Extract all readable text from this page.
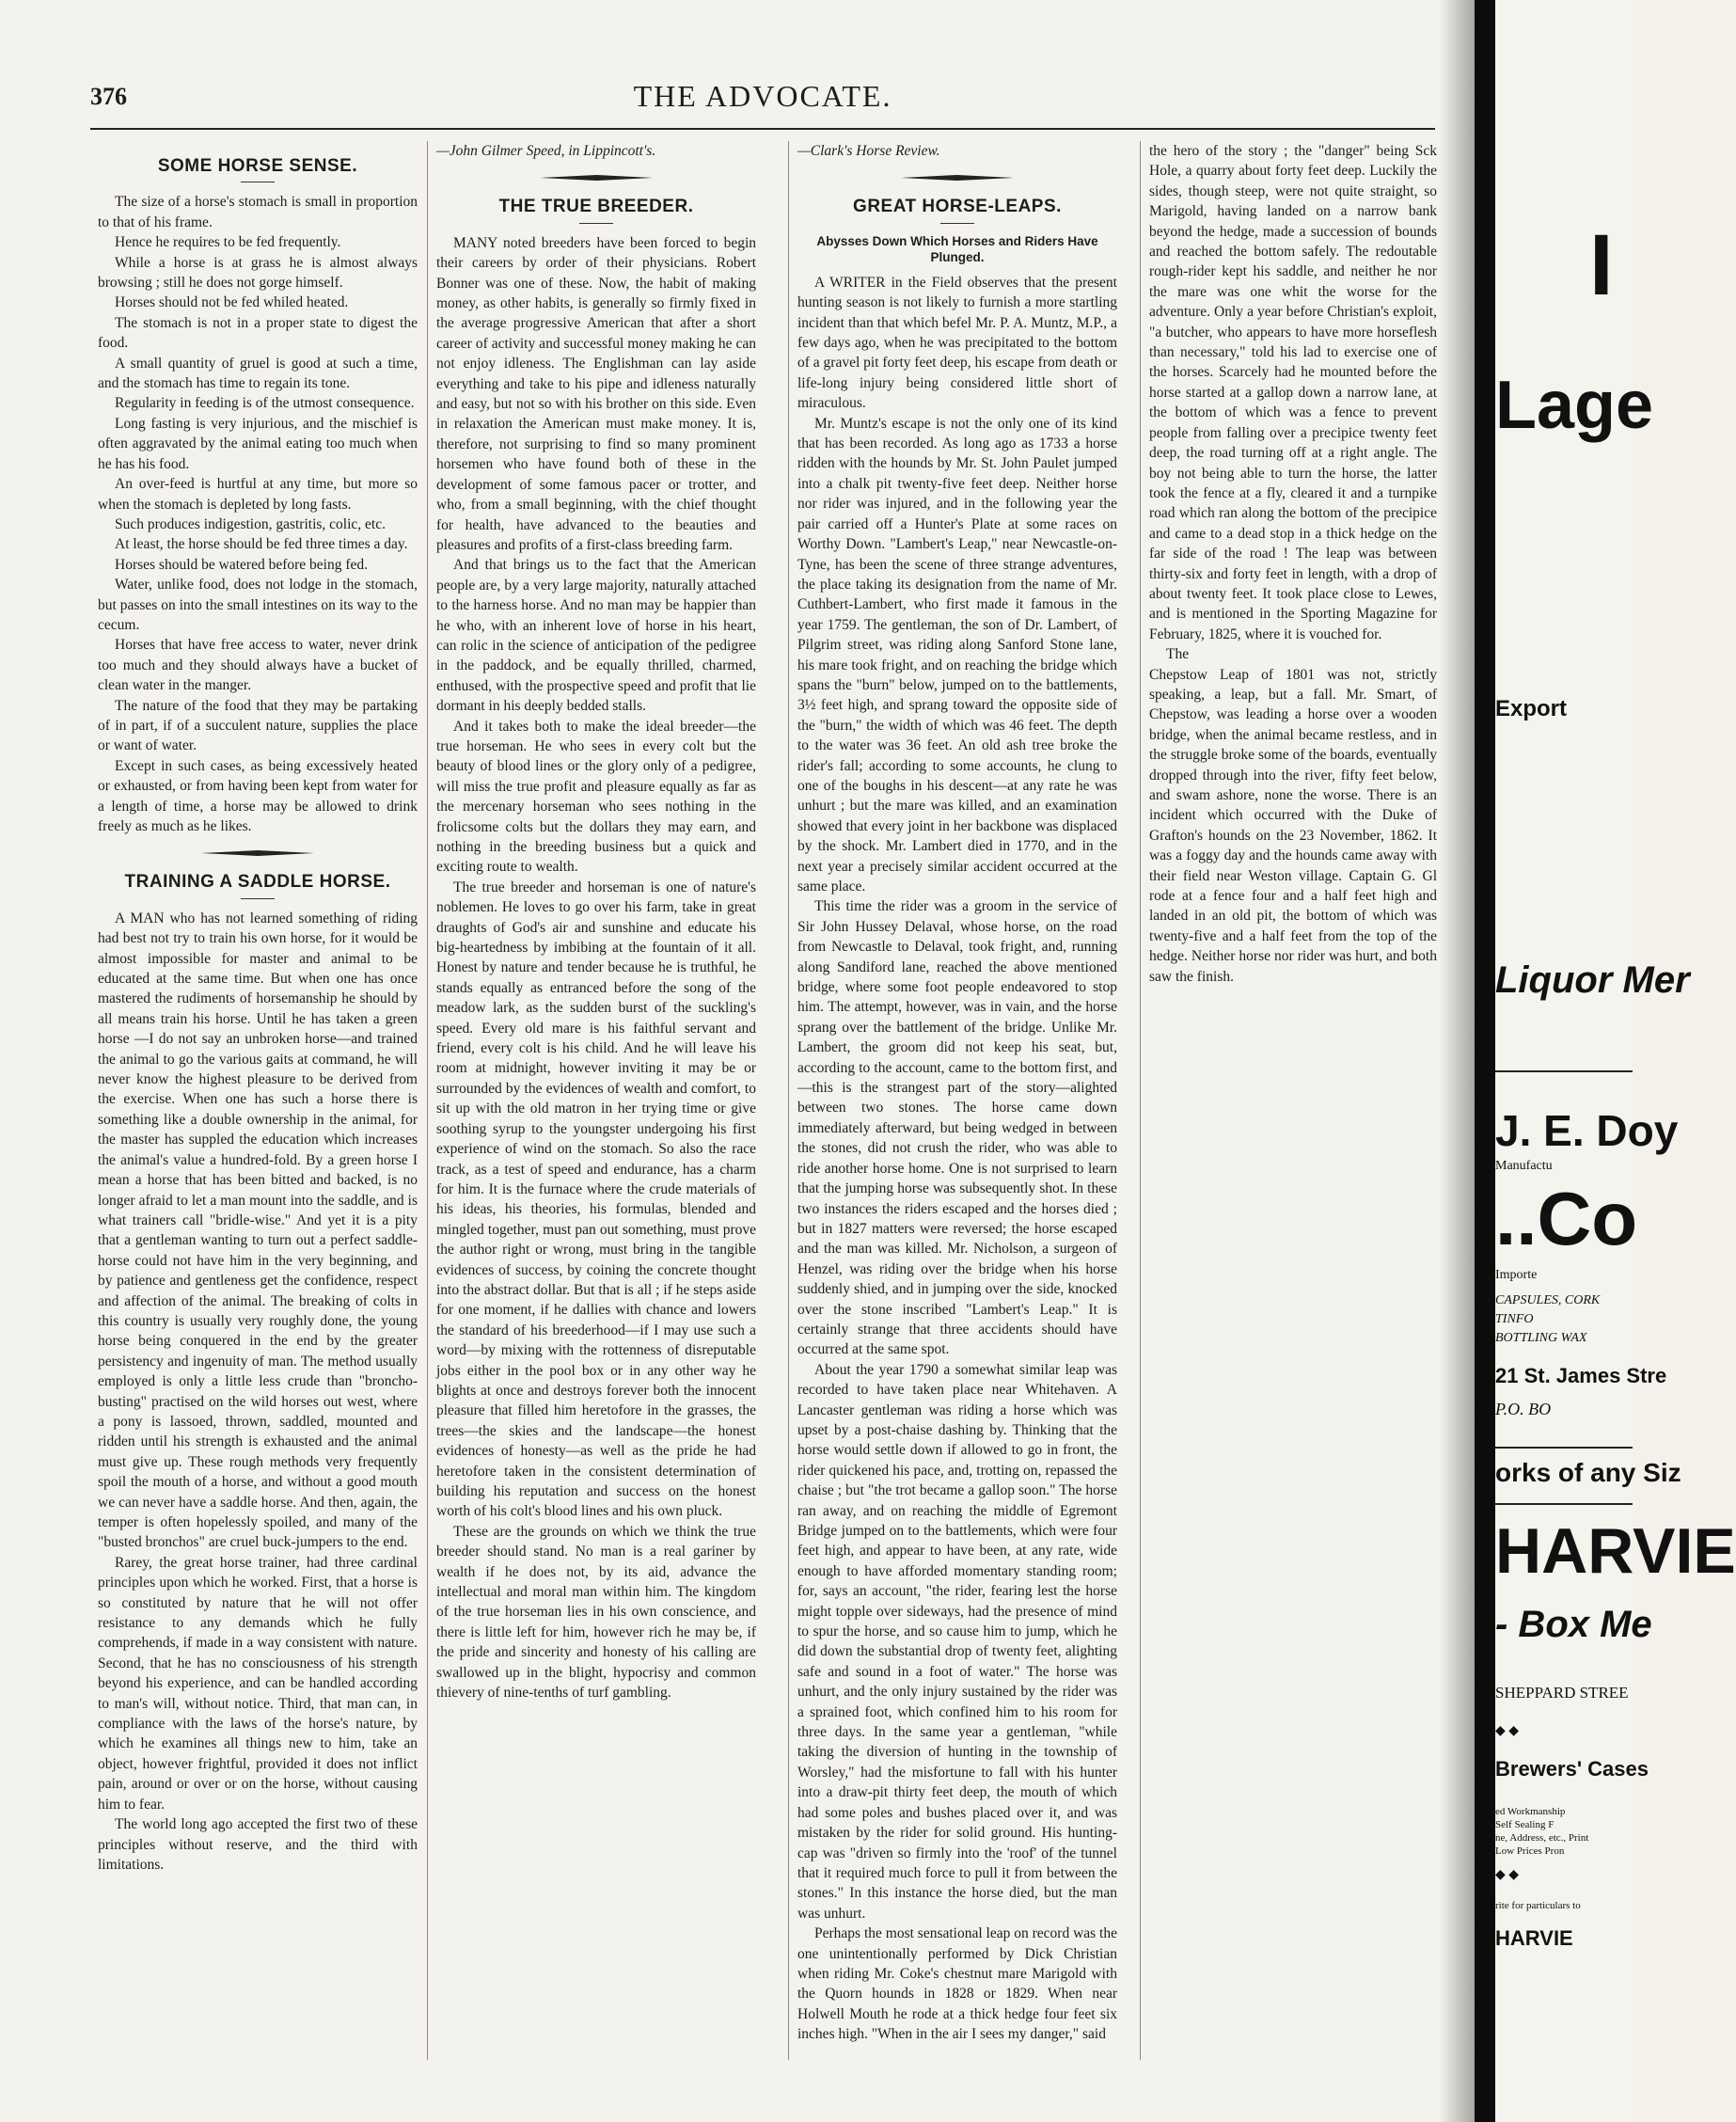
376	THE ADVOCATE.
SOME HORSE SENSE.

The size of a horse's stomach is small in proportion to that of his frame.

Hence he requires to be fed frequently.

While a horse is at grass he is almost always browsing ; still he does not gorge himself.

Horses should not be fed whiled heated.

The stomach is not in a proper state to digest the food.

A small quantity of gruel is good at such a time, and the stomach has time to regain its tone.

Regularity in feeding is of the utmost consequence.

Long fasting is very injurious, and the mischief is often aggravated by the animal eating too much when he has his food.

An over-feed is hurtful at any time, but more so when the stomach is depleted by long fasts.

Such produces indigestion, gastritis, colic, etc.

At least, the horse should be fed three times a day.

Horses should be watered before being fed.

Water, unlike food, does not lodge in the stomach, but passes on into the small intestines on its way to the cecum.

Horses that have free access to water, never drink too much and they should always have a bucket of clean water in the manger.

The nature of the food that they may be partaking of in part, if of a succulent nature, supplies the place or want of water.

Except in such cases, as being excessively heated or exhausted, or from having been kept from water for a length of time, a horse may be allowed to drink freely as much as he likes.

TRAINING A SADDLE HORSE.

A MAN who has not learned something of riding had best not try to train his own horse, for it would be almost impossible for master and animal to be educated at the same time. But when one has once mastered the rudiments of horsemanship he should by all means train his horse. Until he has taken a green horse —I do not say an unbroken horse—and trained the animal to go the various gaits at command, he will never know the highest pleasure to be derived from the exercise. When one has such a horse there is something like a double ownership in the animal, for the master has suppled the education which increases the animal's value a hundred-fold. By a green horse I mean a horse that has been bitted and backed, is no longer afraid to let a man mount into the saddle, and is what trainers call "bridle-wise." And yet it is a pity that a gentleman wanting to turn out a perfect saddle-horse could not have him in the very beginning, and by patience and gentleness get the confidence, respect and affection of the animal. The breaking of colts in this country is usually very roughly done, the young horse being conquered in the end by the greater persistency and ingenuity of man. The method usually employed is only a little less crude than "broncho-busting" practised on the wild horses out west, where a pony is lassoed, thrown, saddled, mounted and ridden until his strength is exhausted and the animal must give up. These rough methods very frequently spoil the mouth of a horse, and without a good mouth we can never have a saddle horse. And then, again, the temper is often hopelessly spoiled, and many of the "busted bronchos" are cruel buck-jumpers to the end.

Rarey, the great horse trainer, had three cardinal principles upon which he worked. First, that a horse is so constituted by nature that he will not offer resistance to any demands which he fully comprehends, if made in a way consistent with nature. Second, that he has no consciousness of his strength beyond his experience, and can be handled according to man's will, without notice. Third, that man can, in compliance with the laws of the horse's nature, by which he examines all things new to him, take an object, however frightful, provided it does not inflict pain, around or over or on the horse, without causing him to fear.

The world long ago accepted the first two of these principles without reserve, and the third with limitations.

—John Gilmer Speed, in Lippincott's.

THE TRUE BREEDER.

MANY noted breeders have been forced to begin their careers by order of their physicians. Robert Bonner was one of these. Now, the habit of making money, as other habits, is generally so firmly fixed in the average progressive American that after a short career of activity and successful money making he can not enjoy idleness. The Englishman can lay aside everything and take to his pipe and idleness naturally and easy, but not so with his brother on this side. Even in relaxation the American must make money. It is, therefore, not surprising to find so many prominent horsemen who have found both of these in the development of some famous pacer or trotter, and who, from a small beginning, with the chief thought for health, have advanced to the beauties and pleasures and profits of a first-class breeding farm.

And that brings us to the fact that the American people are, by a very large majority, naturally attached to the harness horse. And no man may be happier than he who, with an inherent love of horse in his heart, can rolic in the science of anticipation of the pedigree in the paddock, and be equally thrilled, charmed, enthused, with the prospective speed and profit that lie dormant in his deeply bedded stalls.

And it takes both to make the ideal breeder—the true horseman. He who sees in every colt but the beauty of blood lines or the glory only of a pedigree, will miss the true profit and pleasure equally as far as the mercenary horseman who sees nothing in the frolicsome colts but the dollars they may earn, and nothing in the breeding business but a quick and exciting route to wealth.

The true breeder and horseman is one of nature's noblemen. He loves to go over his farm, take in great draughts of God's air and sunshine and educate his big-heartedness by imbibing at the fountain of it all. Honest by nature and tender because he is truthful, he stands equally as entranced before the song of the meadow lark, as the sudden burst of the suckling's speed. Every old mare is his faithful servant and friend, every colt is his child. And he will leave his room at midnight, however inviting it may be or surrounded by the evidences of wealth and comfort, to sit up with the old matron in her trying time or give soothing syrup to the youngster undergoing his first experience of wind on the stomach. So also the race track, as a test of speed and endurance, has a charm for him. It is the furnace where the crude materials of his ideas, his theories, his formulas, blended and mingled together, must pan out something, must prove the author right or wrong, must bring in the tangible evidences of success, by coining the concrete thought into the abstract dollar. But that is all ; if he steps aside for one moment, if he dallies with chance and lowers the standard of his breederhood—if I may use such a word—by mixing with the rottenness of disreputable jobs either in the pool box or in any other way he blights at once and destroys forever both the innocent pleasure that filled him heretofore in the grasses, the trees—the skies and the landscape—the honest evidences of honesty—as well as the pride he had heretofore taken in the consistent determination of building his reputation and success on the honest worth of his colt's blood lines and his own pluck.

These are the grounds on which we think the true breeder should stand. No man is a real gariner by wealth if he does not, by its aid, advance the intellectual and moral man within him. The kingdom of the true horseman lies in his own conscience, and there is little left for him, however rich he may be, if the pride and sincerity and honesty of his calling are swallowed up in the blight, hypocrisy and common thievery of nine-tenths of turf gambling.

—Clark's Horse Review.

GREAT HORSE-LEAPS.
Abysses Down Which Horses and Riders Have Plunged.

A WRITER in the Field observes that the present hunting season is not likely to furnish a more startling incident than that which befel Mr. P. A. Muntz, M.P., a few days ago, when he was precipitated to the bottom of a gravel pit forty feet deep, his escape from death or life-long injury being considered little short of miraculous.

Mr. Muntz's escape is not the only one of its kind that has been recorded. As long ago as 1733 a horse ridden with the hounds by Mr. St. John Paulet jumped into a chalk pit twenty-five feet deep. Neither horse nor rider was injured, and in the following year the pair carried off a Hunter's Plate at some races on Worthy Down. "Lambert's Leap," near Newcastle-on-Tyne, has been the scene of three strange adventures, the place taking its designation from the name of Mr. Cuthbert-Lambert, who first made it famous in the year 1759. The gentleman, the son of Dr. Lambert, of Pilgrim street, was riding along Sanford Stone lane, his mare took fright, and on reaching the bridge which spans the "burn" below, jumped on to the battlements, 3½ feet high, and sprang toward the opposite side of the "burn," the width of which was 46 feet. The depth to the water was 36 feet. An old ash tree broke the rider's fall; according to some accounts, he clung to one of the boughs in his descent—at any rate he was unhurt ; but the mare was killed, and an examination showed that every joint in her backbone was displaced by the shock. Mr. Lambert died in 1770, and in the next year a precisely similar accident occurred at the same place.

This time the rider was a groom in the service of Sir John Hussey Delaval, whose horse, on the road from Newcastle to Delaval, took fright, and, running along Sandiford lane, reached the above mentioned bridge, where some foot people endeavored to stop him. The attempt, however, was in vain, and the horse sprang over the battlement of the bridge. Unlike Mr. Lambert, the groom did not keep his seat, but, according to the account, came to the bottom first, and—this is the strangest part of the story—alighted between two stones. The horse came down immediately afterward, but being wedged in between the stones, did not crush the rider, who was able to ride another horse home. One is not surprised to learn that the jumping horse was subsequently shot. In these two instances the riders escaped and the horses died ; but in 1827 matters were reversed; the horse escaped and the man was killed. Mr. Nicholson, a surgeon of Henzel, was riding over the bridge when his horse suddenly shied, and in jumping over the side, knocked over the stone inscribed "Lambert's Leap." It is certainly strange that three accidents should have occurred at the same spot.

About the year 1790 a somewhat similar leap was recorded to have taken place near Whitehaven. A Lancaster gentleman was riding a horse which was upset by a post-chaise dashing by. Thinking that the horse would settle down if allowed to go in front, the rider quickened his pace, and, trotting on, repassed the chaise ; but "the trot became a gallop soon." The horse ran away, and on reaching the middle of Egremont Bridge jumped on to the battlements, which were four feet high, and appear to have been, at any rate, wide enough to have afforded momentary standing room; for, says an account, "the rider, fearing lest the horse might topple over sideways, had the presence of mind to spur the horse, and so cause him to jump, which he did down the substantial drop of twenty feet, alighting safe and sound in a foot of water." The horse was unhurt, and the only injury sustained by the rider was a sprained foot, which confined him to his room for three days. In the same year a gentleman, "while taking the diversion of hunting in the township of Worsley," had the misfortune to fall with his hunter into a draw-pit thirty feet deep, the mouth of which had some poles and bushes placed over it, and was mistaken by the rider for solid ground. His hunting-cap was "driven so firmly into the 'roof' of the tunnel that it required much force to pull it from between the stones." In this instance the horse died, but the man was unhurt.

Perhaps the most sensational leap on record was the one unintentionally performed by Dick Christian when riding Mr. Coke's chestnut mare Marigold with the Quorn hounds in 1828 or 1829. When near Holwell Mouth he rode at a thick hedge four feet six inches high. "When in the air I sees my danger," said

the hero of the story ; the "danger" being Sck Hole, a quarry about forty feet deep. Luckily the sides, though steep, were not quite straight, so Marigold, having landed on a narrow bank beyond the hedge, made a succession of bounds and reached the bottom safely. The redoutable rough-rider kept his saddle, and neither he nor the mare was one whit the worse for the adventure. Only a year before Christian's exploit, "a butcher, who appears to have more horseflesh than necessary," told his lad to exercise one of the horses. Scarcely had he mounted before the horse started at a gallop down a narrow lane, at the bottom of which was a fence to prevent people from falling over a precipice twenty feet deep, the road turning off at a right angle. The boy not being able to turn the horse, the latter took the fence at a fly, cleared it and a turnpike road which ran along the bottom of the precipice and came to a dead stop in a thick hedge on the far side of the road ! The leap was between thirty-six and forty feet in length, with a drop of about twenty feet. It took place close to Lewes, and is mentioned in the Sporting Magazine for February, 1825, where it is vouched for.

The

Chepstow Leap of 1801 was not, strictly speaking, a leap, but a fall. Mr. Smart, of Chepstow, was leading a horse over a wooden bridge, when the animal became restless, and in the struggle broke some of the boards, eventually dropped through into the river, fifty feet below, and swam ashore, none the worse. There is an incident which occurred with the Duke of Grafton's hounds on the 23 November, 1862. It was a foggy day and the hounds came away with their field near Weston village. Captain G. Gl rode at a fence four and a half feet high and landed in an old pit, the bottom of which was twenty-five and a half feet from the top of the hedge. Neither horse nor rider was hurt, and both saw the finish.

I
Lage
Export
Liquor Mer
J. E. Doy
Manufactu
..Co
Importe
CAPSULES, CORK
TINFO
BOTTLING WAX
21 St. James Stre
P.O. BO
orks of any Siz
HARVIE
- Box Me
SHEPPARD STREE
◆ ◆
Brewers' Cases
ed Workmanship
Self Sealing F
ne, Address, etc., Print
Low Prices Pron
◆ ◆
rite for particulars to
HARVIE
